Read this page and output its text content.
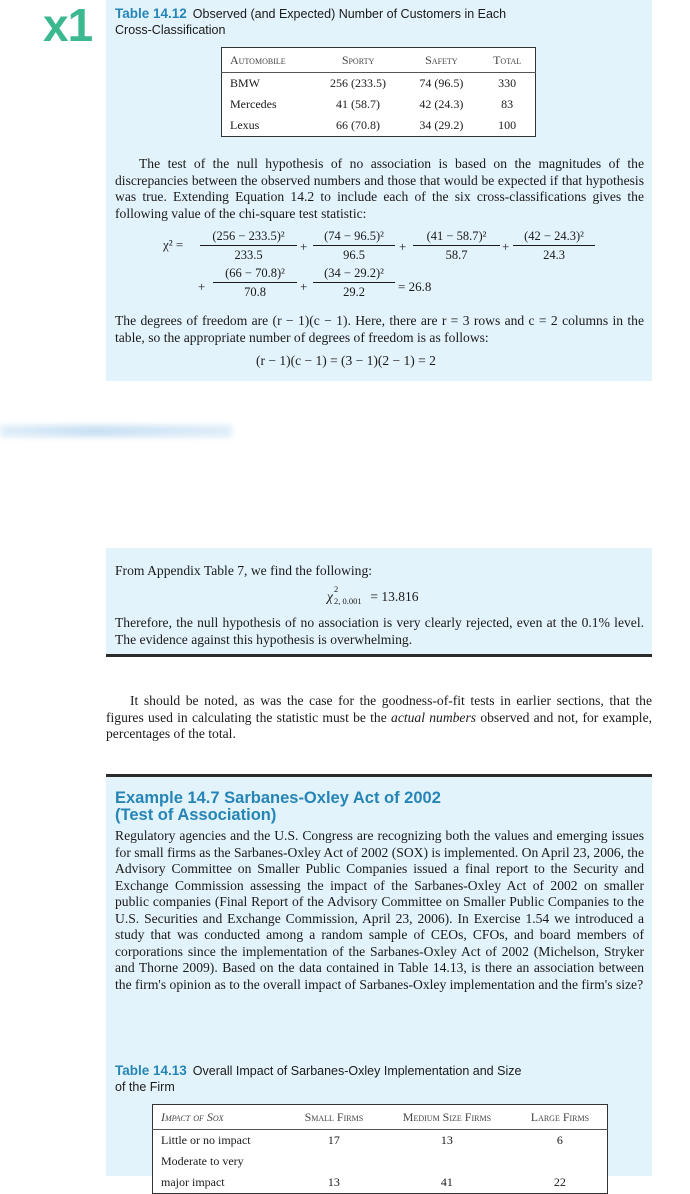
x1 Table 14.12 Observed (and Expected) Number of Customers in Each
Cross-Classification
Automobile	Sporty	Safety	Total
BMW	256 (233.5)	74 (96.5)	330
Mercedes	41 (58.7)	42 (24.3)	83
Lexus	66 (70.8)	34 (29.2)	100
The test of the null hypothesis of no association is based on the magnitudes of the discrepancies between the observed numbers and those that would be expected if that hypothesis was true. Extending Equation 14.2 to include each of the six cross-classifications gives the following value of the chi-square test statistic:
$\chi^2 = \frac{\text{(256 − 233.5)²}}{233.5} + \frac{\text{(74 − 96.5)²}}{96.5} + \frac{\text{(41 − 58.7)²}}{58.7} + \frac{\text{(42 − 24.3)²}}{24.3}$
+ $\frac{\text{(66 − 70.8)²}}{70.8} + \frac{\text{(34 − 29.2)²}}{29.2} = 26.8$
The degrees of freedom are (r − 1)(c − 1). Here, there are r = 3 rows and c = 2 columns in the table, so the appropriate number of degrees of freedom is as follows:
(r − 1)(c − 1) = (3 − 1)(2 − 1) = 2
From Appendix Table 7, we find the following:
χ
2
2, 0.001 = 13.816
Therefore, the null hypothesis of no association is very clearly rejected, even at the 0.1% level. The evidence against this hypothesis is overwhelming.
It should be noted, as was the case for the goodness-of-fit tests in earlier sections, that the figures used in calculating the statistic must be the actual numbers observed and not, for example, percentages of the total.
Example 14.7 Sarbanes-Oxley Act of 2002
(Test of Association)
Regulatory agencies and the U.S. Congress are recognizing both the values and emerging issues for small firms as the Sarbanes-Oxley Act of 2002 (SOX) is implemented. On April 23, 2006, the Advisory Committee on Smaller Public Companies issued a final report to the Security and Exchange Commission assessing the impact of the Sarbanes-Oxley Act of 2002 on smaller public companies (Final Report of the Advisory Committee on Smaller Public Companies to the U.S. Securities and Exchange Commission, April 23, 2006). In Exercise 1.54 we introduced a study that was conducted among a random sample of CEOs, CFOs, and board members of corporations since the implementation of the Sarbanes-Oxley Act of 2002 (Michelson, Stryker and Thorne 2009). Based on the data contained in Table 14.13, is there an association between the firm's opinion as to the overall impact of Sarbanes-Oxley implementation and the firm's size?
Table 14.13 Overall Impact of Sarbanes-Oxley Implementation and Size
of the Firm
Impact of Sox	Small Firms	Medium Size Firms	Large Firms
Little or no impact	17	13	6
Moderate to very			
major impact	13	41	22
